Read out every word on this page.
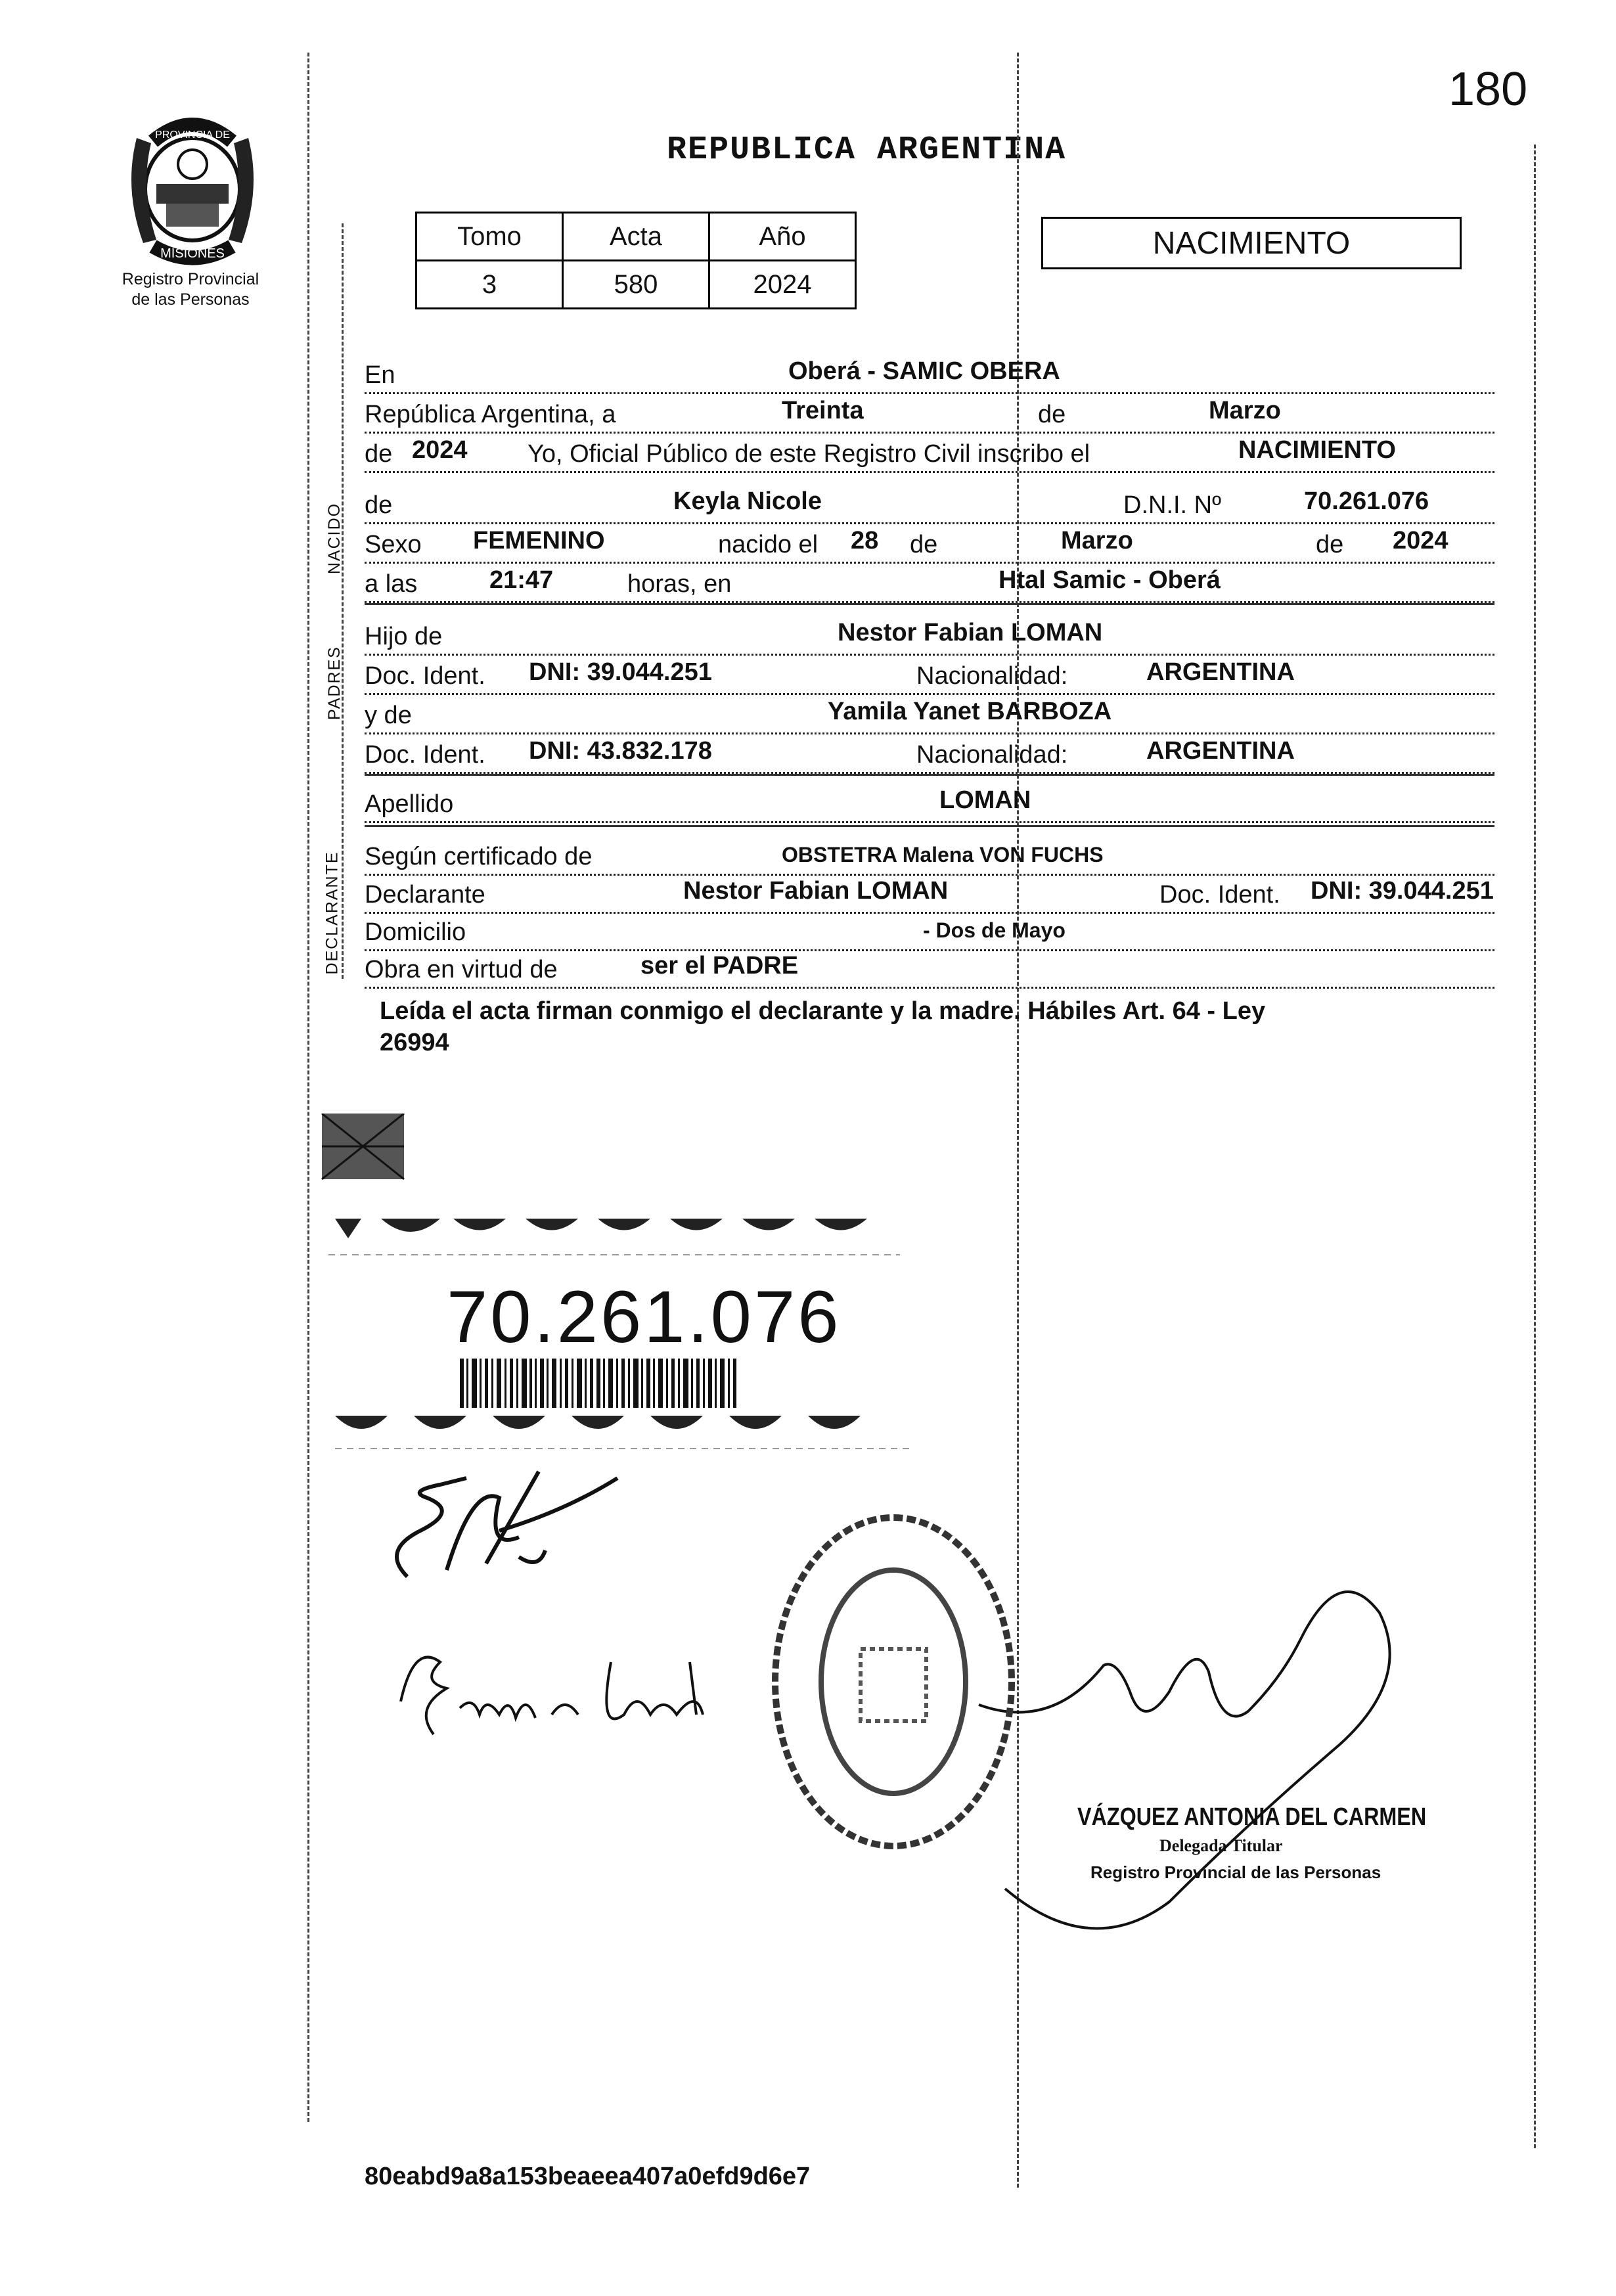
180
PROVINCIA DE
MISIONES
Registro Provincial
de las Personas
REPUBLICA ARGENTINA
Tomo	Acta	Año
3	580	2024
NACIMIENTO
NACIDO
PADRES
DECLARANTE
En	Oberá - SAMIC OBERA
República Argentina, a	Treinta	de	Marzo
de 2024 Yo, Oficial Público de este Registro Civil inscribo el	NACIMIENTO
de	Keyla Nicole	D.N.I. Nº	70.261.076
Sexo FEMENINO	nacido el 28 de	Marzo	de 2024
a las	21:47	horas, en	Htal Samic - Oberá
Hijo de	Nestor Fabian LOMAN
Doc. Ident. DNI: 39.044.251	Nacionalidad:	ARGENTINA
y de	Yamila Yanet BARBOZA
Doc. Ident. DNI: 43.832.178	Nacionalidad:	ARGENTINA
Apellido	LOMAN
Según certificado de	OBSTETRA Malena VON FUCHS
Declarante	Nestor Fabian LOMAN	Doc. Ident. DNI: 39.044.251
Domicilio	- Dos de Mayo
Obra en virtud de	ser el PADRE
Leída el acta firman conmigo el declarante y la madre. Hábiles Art. 64 - Ley
26994
70.261.076
VÁZQUEZ ANTONIA DEL CARMEN
Delegada Titular
Registro Provincial de las Personas
80eabd9a8a153beaeea407a0efd9d6e7
